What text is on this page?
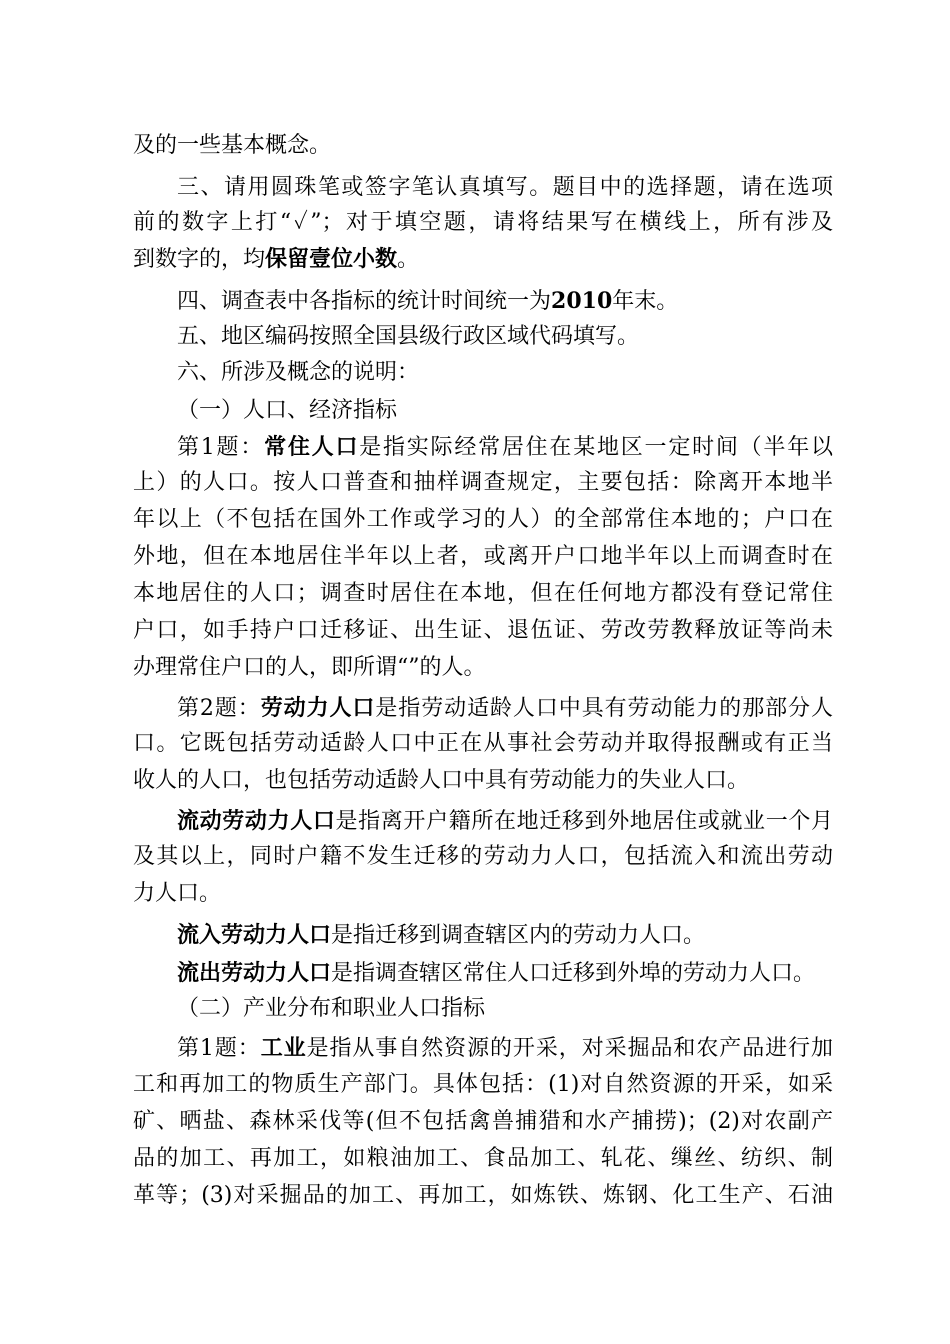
及的一些基本概念。
三、请用圆珠笔或签字笔认真填写。题目中的选择题，请在选项
前的数字上打“✓”；对于填空题，请将结果写在横线上，所有涉及
到数字的，均保留壹位小数。
四、调查表中各指标的统计时间统一为2010年末。
五、地区编码按照全国县级行政区域代码填写。
六、所涉及概念的说明：
（一）人口、经济指标
第1题：常住人口是指实际经常居住在某地区一定时间（半年以
上）的人口。按人口普查和抽样调查规定，主要包括：除离开本地半
年以上（不包括在国外工作或学习的人）的全部常住本地的；户口在
外地，但在本地居住半年以上者，或离开户口地半年以上而调查时在
本地居住的人口；调查时居住在本地，但在任何地方都没有登记常住
户口，如手持户口迁移证、出生证、退伍证、劳改劳教释放证等尚未
办理常住户口的人，即所谓“”的人。
第2题：劳动力人口是指劳动适龄人口中具有劳动能力的那部分人
口。它既包括劳动适龄人口中正在从事社会劳动并取得报酬或有正当
收人的人口，也包括劳动适龄人口中具有劳动能力的失业人口。
流动劳动力人口是指离开户籍所在地迁移到外地居住或就业一个月
及其以上，同时户籍不发生迁移的劳动力人口，包括流入和流出劳动
力人口。
流入劳动力人口是指迁移到调查辖区内的劳动力人口。
流出劳动力人口是指调查辖区常住人口迁移到外埠的劳动力人口。
（二）产业分布和职业人口指标
第1题：工业是指从事自然资源的开采，对采掘品和农产品进行加
工和再加工的物质生产部门。具体包括：(1)对自然资源的开采，如采
矿、晒盐、森林采伐等(但不包括禽兽捕猎和水产捕捞)；(2)对农副产
品的加工、再加工，如粮油加工、食品加工、轧花、缫丝、纺织、制
革等；(3)对采掘品的加工、再加工，如炼铁、炼钢、化工生产、石油
